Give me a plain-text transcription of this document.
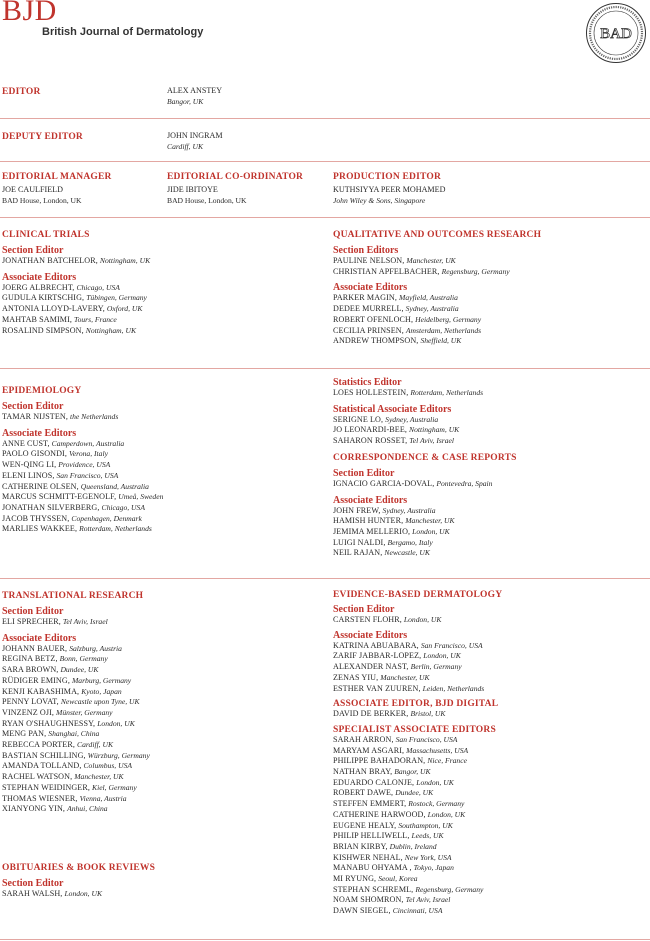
BJD
British Journal of Dermatology	BAD
EDITOR	ALEX ANSTEY
Bangor, UK
DEPUTY EDITOR	JOHN INGRAM
Cardiff, UK
EDITORIAL MANAGER
JOE CAULFIELD
BAD House, London, UK
EDITORIAL CO-ORDINATOR
JIDE IBITOYE
BAD House, London, UK
PRODUCTION EDITOR
KUTHSIYYA PEER MOHAMED
John Wiley & Sons, Singapore
CLINICAL TRIALS
Section Editor
JONATHAN BATCHELOR, Nottingham, UK
Associate Editors
JOERG ALBRECHT, Chicago, USA
GUDULA KIRTSCHIG, Tübingen, Germany
ANTONIA LLOYD-LAVERY, Oxford, UK
MAHTAB SAMIMI, Tours, France
ROSALIND SIMPSON, Nottingham, UK
QUALITATIVE AND OUTCOMES RESEARCH
Section Editors
PAULINE NELSON, Manchester, UK
CHRISTIAN APFELBACHER, Regensburg, Germany
Associate Editors
PARKER MAGIN, Mayfield, Australia
DEDEE MURRELL, Sydney, Australia
ROBERT OFENLOCH, Heidelberg, Germany
CECILIA PRINSEN, Amsterdam, Netherlands
ANDREW THOMPSON, Sheffield, UK
EPIDEMIOLOGY
Section Editor
TAMAR NIJSTEN, the Netherlands
Associate Editors
ANNE CUST, Camperdown, Australia
PAOLO GISONDI, Verona, Italy
WEN-QING LI, Providence, USA
ELENI LINOS, San Francisco, USA
CATHERINE OLSEN, Queensland, Australia
MARCUS SCHMITT-EGENOLF, Umeå, Sweden
JONATHAN SILVERBERG, Chicago, USA
JACOB THYSSEN, Copenhagen, Denmark
MARLIES WAKKEE, Rotterdam, Netherlands
Statistics Editor
LOES HOLLESTEIN, Rotterdam, Netherlands
Statistical Associate Editors
SERIGNE LO, Sydney, Australia
JO LEONARDI-BEE, Nottingham, UK
SAHARON ROSSET, Tel Aviv, Israel
CORRESPONDENCE & CASE REPORTS
Section Editor
IGNACIO GARCIA-DOVAL, Pontevedra, Spain
Associate Editors
JOHN FREW, Sydney, Australia
HAMISH HUNTER, Manchester, UK
JEMIMA MELLERIO, London, UK
LUIGI NALDI, Bergamo, Italy
NEIL RAJAN, Newcastle, UK
TRANSLATIONAL RESEARCH
Section Editor
ELI SPRECHER, Tel Aviv, Israel
Associate Editors
JOHANN BAUER, Salzburg, Austria
REGINA BETZ, Bonn, Germany
SARA BROWN, Dundee, UK
RÜDIGER EMING, Marburg, Germany
KENJI KABASHIMA, Kyoto, Japan
PENNY LOVAT, Newcastle upon Tyne, UK
VINZENZ OJI, Münster, Germany
RYAN O'SHAUGHNESSY, London, UK
MENG PAN, Shanghai, China
REBECCA PORTER, Cardiff, UK
BASTIAN SCHILLING, Würzburg, Germany
AMANDA TOLLAND, Columbus, USA
RACHEL WATSON, Manchester, UK
STEPHAN WEIDINGER, Kiel, Germany
THOMAS WIESNER, Vienna, Austria
XIANYONG YIN, Anhui, China
OBITUARIES & BOOK REVIEWS
Section Editor
SARAH WALSH, London, UK
EVIDENCE-BASED DERMATOLOGY
Section Editor
CARSTEN FLOHR, London, UK
Associate Editors
KATRINA ABUABARA, San Francisco, USA
ZARIF JABBAR-LOPEZ, London, UK
ALEXANDER NAST, Berlin, Germany
ZENAS YIU, Manchester, UK
ESTHER VAN ZUUREN, Leiden, Netherlands
ASSOCIATE EDITOR, BJD DIGITAL
DAVID DE BERKER, Bristol, UK
SPECIALIST ASSOCIATE EDITORS
SARAH ARRON, San Francisco, USA
MARYAM ASGARI, Massachusetts, USA
PHILIPPE BAHADORAN, Nice, France
NATHAN BRAY, Bangor, UK
EDUARDO CALONJE, London, UK
ROBERT DAWE, Dundee, UK
STEFFEN EMMERT, Rostock, Germany
CATHERINE HARWOOD, London, UK
EUGENE HEALY, Southampton, UK
PHILIP HELLIWELL, Leeds, UK
BRIAN KIRBY, Dublin, Ireland
KISHWER NEHAL, New York, USA
MANABU OHYAMA , Tokyo, Japan
MI RYUNG, Seoul, Korea
STEPHAN SCHREML, Regensburg, Germany
NOAM SHOMRON, Tel Aviv, Israel
DAWN SIEGEL, Cincinnati, USA
